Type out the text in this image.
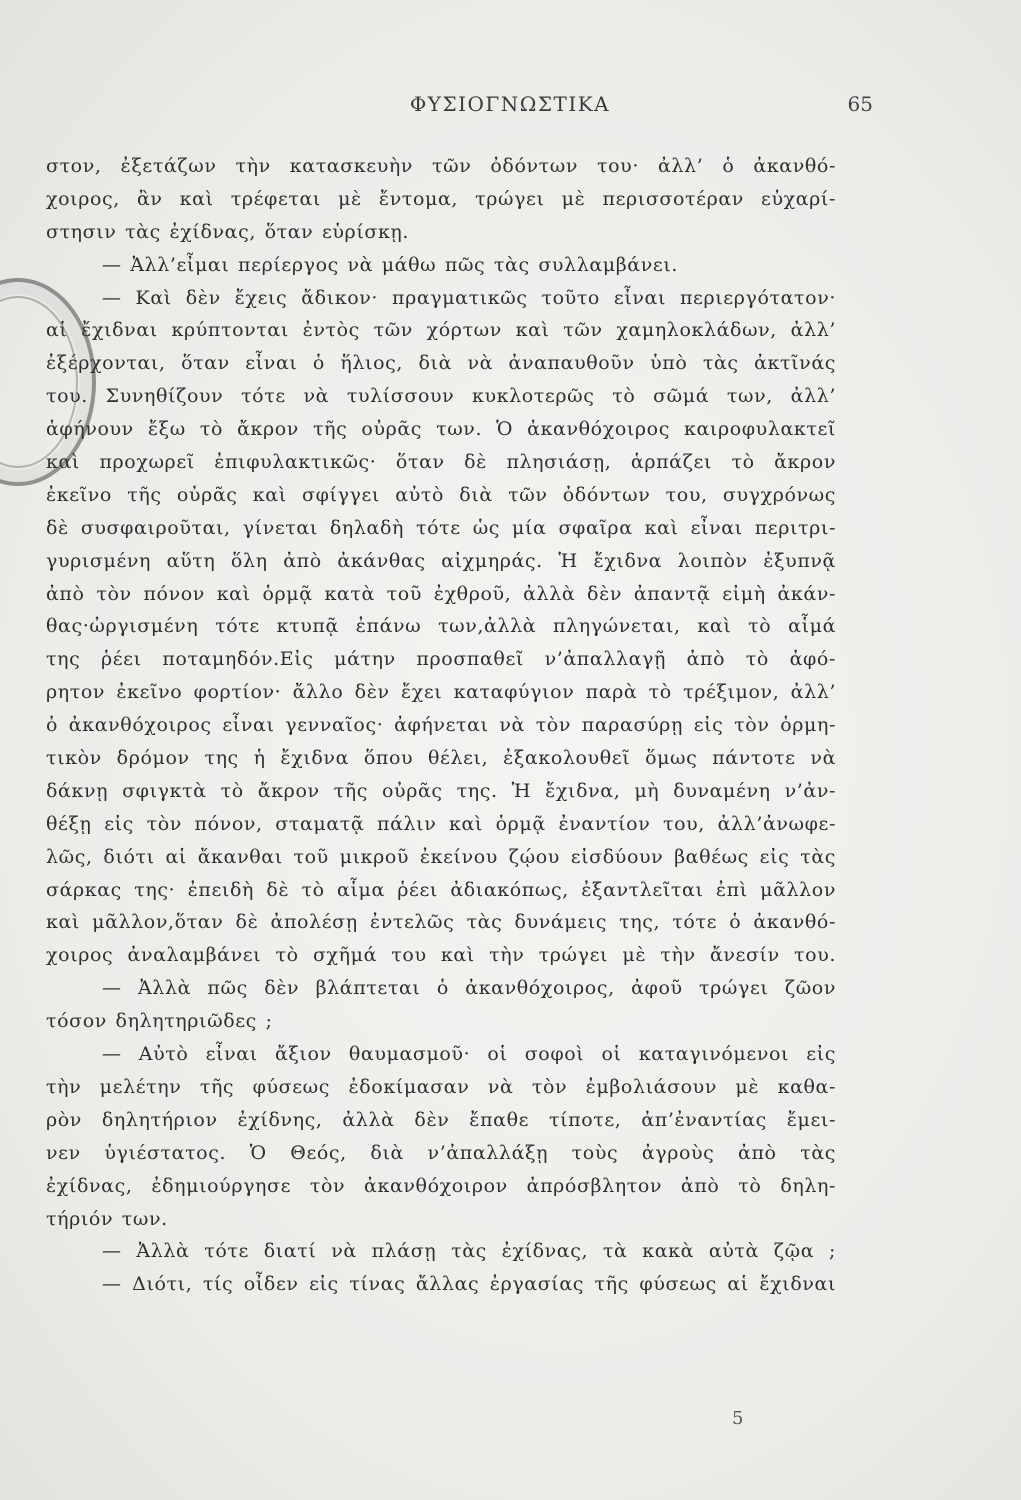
ΦΥΣΙΟΓΝΩΣΤΙΚΑ	65
στον, ἐξετάζων τὴν κατασκευὴν τῶν ὀδόντων του· ἀλλ’ ὁ ἀκανθό-
χοιρος, ἂν καὶ τρέφεται μὲ ἔντομα, τρώγει μὲ περισσοτέραν εὐχαρί-
στησιν τὰς ἐχίδνας, ὅταν εὑρίσκῃ.
— Ἀλλ’εἶμαι περίεργος νὰ μάθω πῶς τὰς συλλαμβάνει.
— Καὶ δὲν ἔχεις ἄδικον· πραγματικῶς τοῦτο εἶναι περιεργότατον·
αἱ ἔχιδναι κρύπτονται ἐντὸς τῶν χόρτων καὶ τῶν χαμηλοκλάδων, ἀλλ’
ἐξέρχονται, ὅταν εἶναι ὁ ἥλιος, διὰ νὰ ἀναπαυθοῦν ὑπὸ τὰς ἀκτῖνάς
του. Συνηθίζουν τότε νὰ τυλίσσουν κυκλοτερῶς τὸ σῶμά των, ἀλλ’
ἀφήνουν ἔξω τὸ ἄκρον τῆς οὐρᾶς των. Ὁ ἀκανθόχοιρος καιροφυλακτεῖ
καὶ προχωρεῖ ἐπιφυλακτικῶς· ὅταν δὲ πλησιάσῃ, ἁρπάζει τὸ ἄκρον
ἐκεῖνο τῆς οὐρᾶς καὶ σφίγγει αὐτὸ διὰ τῶν ὀδόντων του, συγχρόνως
δὲ συσφαιροῦται, γίνεται δηλαδὴ τότε ὡς μία σφαῖρα καὶ εἶναι περιτρι-
γυρισμένη αὕτη ὅλη ἀπὸ ἀκάνθας αἰχμηράς. Ἡ ἔχιδνα λοιπὸν ἐξυπνᾷ
ἀπὸ τὸν πόνον καὶ ὁρμᾷ κατὰ τοῦ ἐχθροῦ, ἀλλὰ δὲν ἀπαντᾷ εἰμὴ ἀκάν-
θας·ὠργισμένη τότε κτυπᾷ ἐπάνω των,ἀλλὰ πληγώνεται, καὶ τὸ αἷμά
της ῥέει ποταμηδόν.Εἰς μάτην προσπαθεῖ ν’ἀπαλλαγῇ ἀπὸ τὸ ἀφό-
ρητον ἐκεῖνο φορτίον· ἄλλο δὲν ἔχει καταφύγιον παρὰ τὸ τρέξιμον, ἀλλ’
ὁ ἀκανθόχοιρος εἶναι γενναῖος· ἀφήνεται νὰ τὸν παρασύρῃ εἰς τὸν ὁρμη-
τικὸν δρόμον της ἡ ἔχιδνα ὅπου θέλει, ἐξακολουθεῖ ὅμως πάντοτε νὰ
δάκνῃ σφιγκτὰ τὸ ἄκρον τῆς οὐρᾶς της. Ἡ ἔχιδνα, μὴ δυναμένη ν’ἀν-
θέξῃ εἰς τὸν πόνον, σταματᾷ πάλιν καὶ ὁρμᾷ ἐναντίον του, ἀλλ’ἀνωφε-
λῶς, διότι αἱ ἄκανθαι τοῦ μικροῦ ἐκείνου ζῴου εἰσδύουν βαθέως εἰς τὰς
σάρκας της· ἐπειδὴ δὲ τὸ αἷμα ῥέει ἀδιακόπως, ἐξαντλεῖται ἐπὶ μᾶλλον
καὶ μᾶλλον,ὅταν δὲ ἀπολέσῃ ἐντελῶς τὰς δυνάμεις της, τότε ὁ ἀκανθό-
χοιρος ἀναλαμβάνει τὸ σχῆμά του καὶ τὴν τρώγει μὲ τὴν ἄνεσίν του.
— Ἀλλὰ πῶς δὲν βλάπτεται ὁ ἀκανθόχοιρος, ἀφοῦ τρώγει ζῶον
τόσον δηλητηριῶδες ;
— Αὐτὸ εἶναι ἄξιον θαυμασμοῦ· οἱ σοφοὶ οἱ καταγινόμενοι εἰς
τὴν μελέτην τῆς φύσεως ἐδοκίμασαν νὰ τὸν ἐμβολιάσουν μὲ καθα-
ρὸν δηλητήριον ἐχίδνης, ἀλλὰ δὲν ἔπαθε τίποτε, ἀπ’ἐναντίας ἔμει-
νεν ὑγιέστατος. Ὁ Θεός, διὰ ν’ἀπαλλάξῃ τοὺς ἀγροὺς ἀπὸ τὰς
ἐχίδνας, ἐδημιούργησε τὸν ἀκανθόχοιρον ἀπρόσβλητον ἀπὸ τὸ δηλη-
τήριόν των.
— Ἀλλὰ τότε διατί νὰ πλάσῃ τὰς ἐχίδνας, τὰ κακὰ αὐτὰ ζῷα ;
— Διότι, τίς οἶδεν εἰς τίνας ἄλλας ἐργασίας τῆς φύσεως αἱ ἔχιδναι
5
